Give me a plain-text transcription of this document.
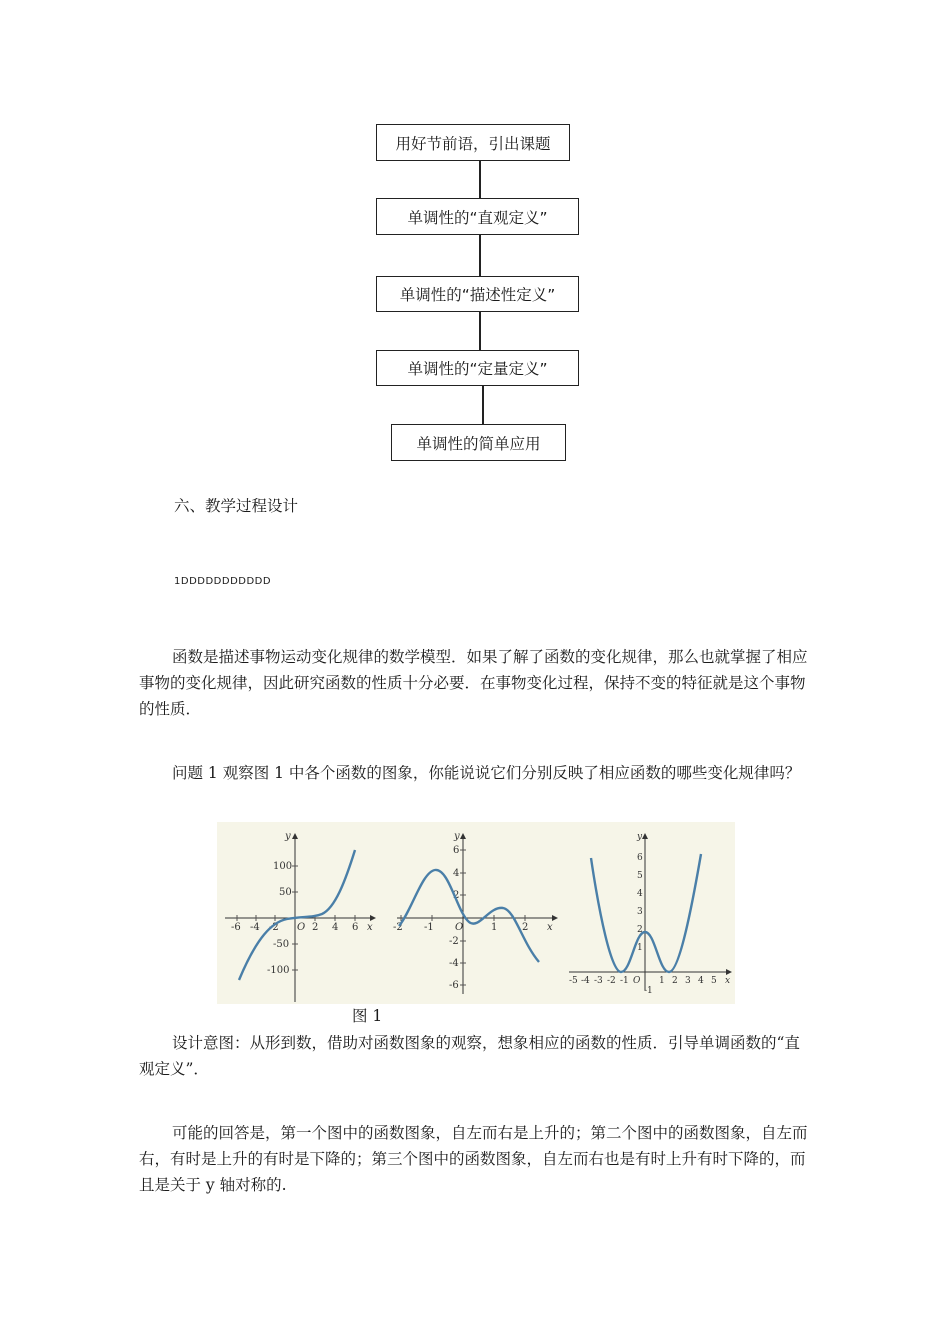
用好节前语，引出课题
单调性的“直观定义”
单调性的“描述性定义”
单调性的“定量定义”
单调性的简单应用
六、教学过程设计
1DDDDDDDDDDD
函数是描述事物运动变化规律的数学模型．如果了解了函数的变化规律，那么也就掌握了相应事物的变化规律，因此研究函数的性质十分必要．在事物变化过程，保持不变的特征就是这个事物的性质．
问题 1 观察图 1 中各个函数的图象，你能说说它们分别反映了相应函数的哪些变化规律吗？
-6 -4 -2	2 4 6
100
50
-50
-100
O	x
y
-2 -1	1 2
6
4
2
-2
-4
-6
O	x
y
-5 -4 -3 -2 -1	1 2 3 4 5
6
5
4
3
2
1
-1
O	x
y
图 1
设计意图：从形到数，借助对函数图象的观察，想象相应的函数的性质．引导单调函数的“直观定义”．
可能的回答是，第一个图中的函数图象，自左而右是上升的；第二个图中的函数图象，自左而右，有时是上升的有时是下降的；第三个图中的函数图象，自左而右也是有时上升有时下降的，而且是关于 y 轴对称的.
